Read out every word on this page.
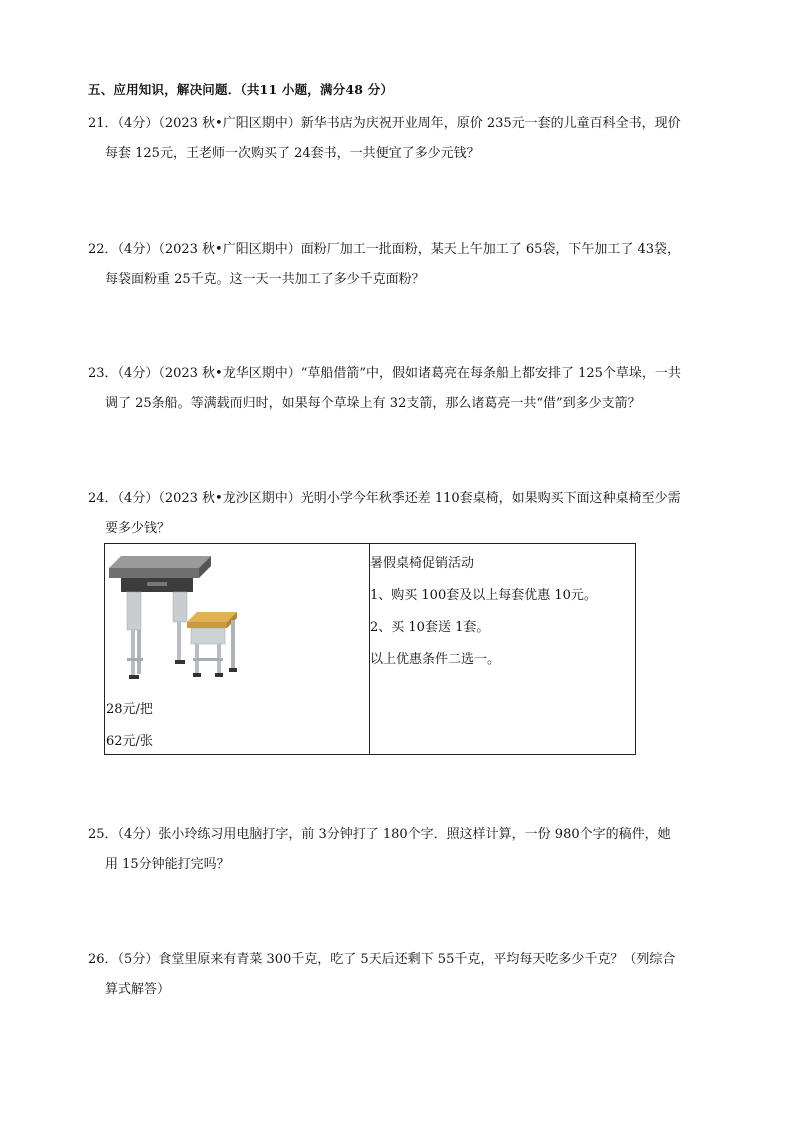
五、应用知识，解决问题．（共11 小题，满分48 分）
21．（4分）（2023 秋•广阳区期中）新华书店为庆祝开业周年，原价 235元一套的儿童百科全书，现价
每套 125元，王老师一次购买了 24套书，一共便宜了多少元钱？
22．（4分）（2023 秋•广阳区期中）面粉厂加工一批面粉，某天上午加工了 65袋，下午加工了 43袋，
每袋面粉重 25千克。这一天一共加工了多少千克面粉？
23．（4分）（2023 秋•龙华区期中）“草船借箭”中，假如诸葛亮在每条船上都安排了 125个草垛，一共
调了 25条船。等满载而归时，如果每个草垛上有 32支箭，那么诸葛亮一共“借”到多少支箭？
24．（4分）（2023 秋•龙沙区期中）光明小学今年秋季还差 110套桌椅，如果购买下面这种桌椅至少需
要多少钱？
28元/把
62元/张
暑假桌椅促销活动
1、购买 100套及以上每套优惠 10元。
2、买 10套送 1套。
以上优惠条件二选一。
25．（4分）张小玲练习用电脑打字，前 3分钟打了 180个字．照这样计算，一份 980个字的稿件，她
用 15分钟能打完吗？
26．（5分）食堂里原来有青菜 300千克，吃了 5天后还剩下 55千克，平均每天吃多少千克？（列综合
算式解答）
